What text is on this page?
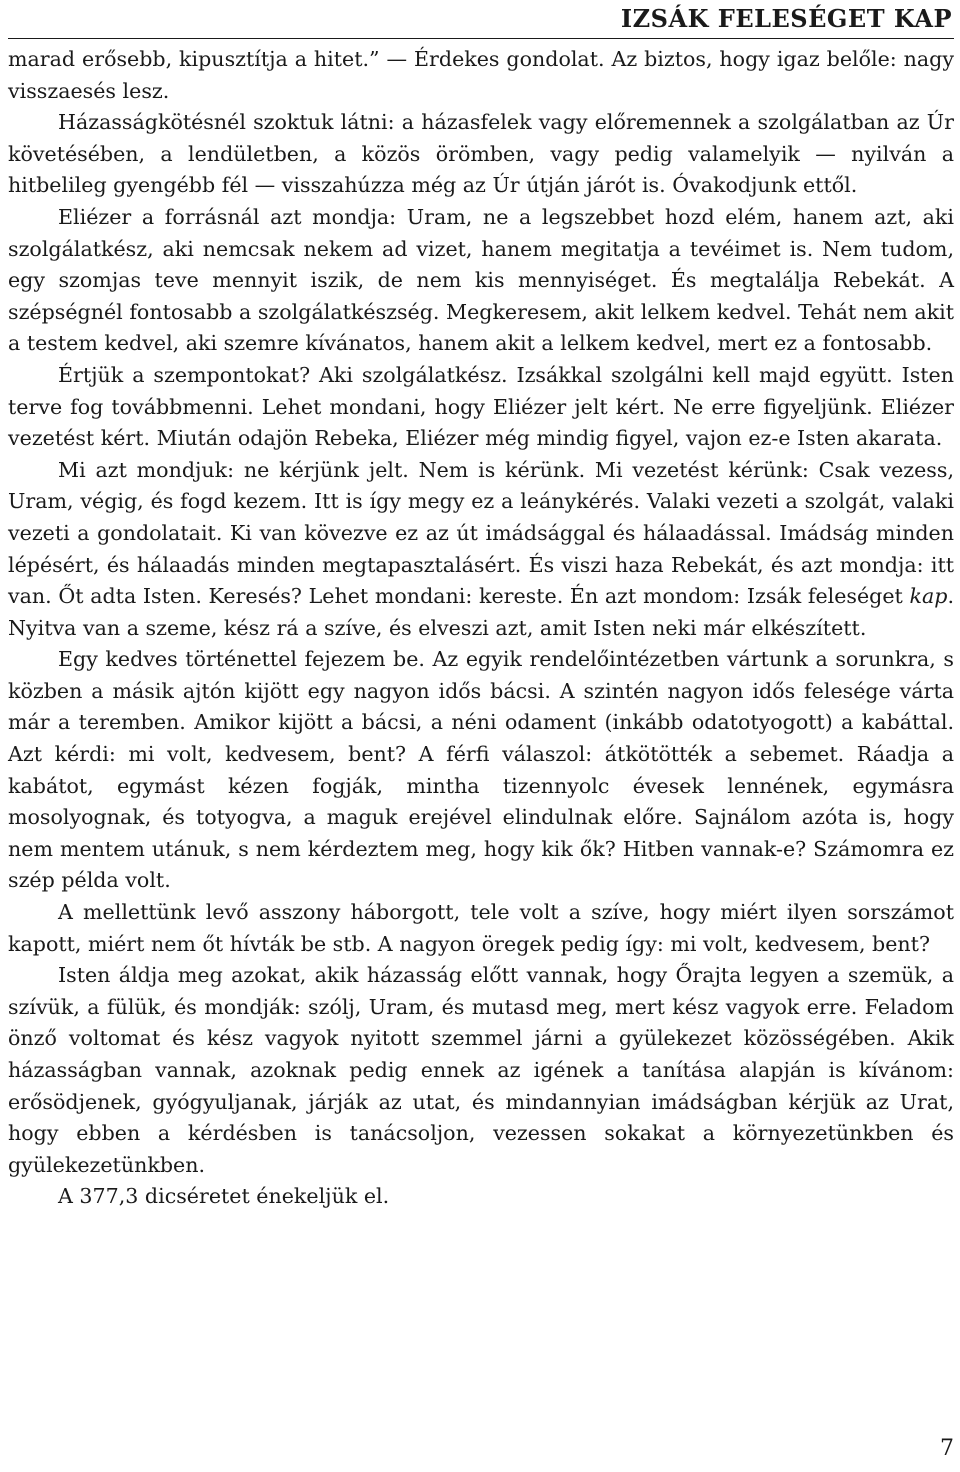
IZSÁK FELESÉGET KAP

marad erősebb, kipusztítja a hitet.” — Érdekes gondolat. Az biztos, hogy igaz belőle: nagy visszaesés lesz.

Házasságkötésnél szoktuk látni: a házasfelek vagy előremennek a szolgálatban az Úr követésében, a lendületben, a közös örömben, vagy pedig valamelyik — nyilván a hitbelileg gyengébb fél — visszahúzza még az Úr útján járót is. Óvakodjunk ettől.

Eliézer a forrásnál azt mondja: Uram, ne a legszebbet hozd elém, hanem azt, aki szolgálatkész, aki nemcsak nekem ad vizet, hanem megitatja a tevéimet is. Nem tudom, egy szomjas teve mennyit iszik, de nem kis mennyiséget. És megtalálja Rebekát. A szépségnél fontosabb a szolgálatkészség. Megkeresem, akit lelkem kedvel. Tehát nem akit a testem kedvel, aki szemre kívánatos, hanem akit a lelkem kedvel, mert ez a fontosabb.

Értjük a szempontokat? Aki szolgálatkész. Izsákkal szolgálni kell majd együtt. Isten terve fog továbbmenni. Lehet mondani, hogy Eliézer jelt kért. Ne erre figyeljünk. Eliézer vezetést kért. Miután odajön Rebeka, Eliézer még mindig figyel, vajon ez-e Isten akarata.

Mi azt mondjuk: ne kérjünk jelt. Nem is kérünk. Mi vezetést kérünk: Csak vezess, Uram, végig, és fogd kezem. Itt is így megy ez a leánykérés. Valaki vezeti a szolgát, valaki vezeti a gondolatait. Ki van kövezve ez az út imádsággal és hálaadással. Imádság minden lépésért, és hálaadás minden megtapasztalásért. És viszi haza Rebekát, és azt mondja: itt van. Őt adta Isten. Keresés? Lehet mondani: kereste. Én azt mondom: Izsák feleséget kap. Nyitva van a szeme, kész rá a szíve, és elveszi azt, amit Isten neki már elkészített.

Egy kedves történettel fejezem be. Az egyik rendelőintézetben vártunk a sorunkra, s közben a másik ajtón kijött egy nagyon idős bácsi. A szintén nagyon idős felesége várta már a teremben. Amikor kijött a bácsi, a néni odament (inkább odatotyogott) a kabáttal. Azt kérdi: mi volt, kedvesem, bent? A férfi válaszol: átkötötték a sebemet. Ráadja a kabátot, egymást kézen fogják, mintha tizennyolc évesek lennének, egymásra mosolyognak, és totyogva, a maguk erejével elindulnak előre. Sajnálom azóta is, hogy nem mentem utánuk, s nem kérdeztem meg, hogy kik ők? Hitben vannak-e? Számomra ez szép példa volt.

A mellettünk levő asszony háborgott, tele volt a szíve, hogy miért ilyen sorszámot kapott, miért nem őt hívták be stb. A nagyon öregek pedig így: mi volt, kedvesem, bent?

Isten áldja meg azokat, akik házasság előtt vannak, hogy Őrajta legyen a szemük, a szívük, a fülük, és mondják: szólj, Uram, és mutasd meg, mert kész vagyok erre. Feladom önző voltomat és kész vagyok nyitott szemmel járni a gyülekezet közösségében. Akik házasságban vannak, azoknak pedig ennek az igének a tanítása alapján is kívánom: erősödjenek, gyógyuljanak, járják az utat, és mindannyian imádságban kérjük az Urat, hogy ebben a kérdésben is tanácsoljon, vezessen sokakat a környezetünkben és gyülekezetünkben.

A 377,3 dicséretet énekeljük el.

7
